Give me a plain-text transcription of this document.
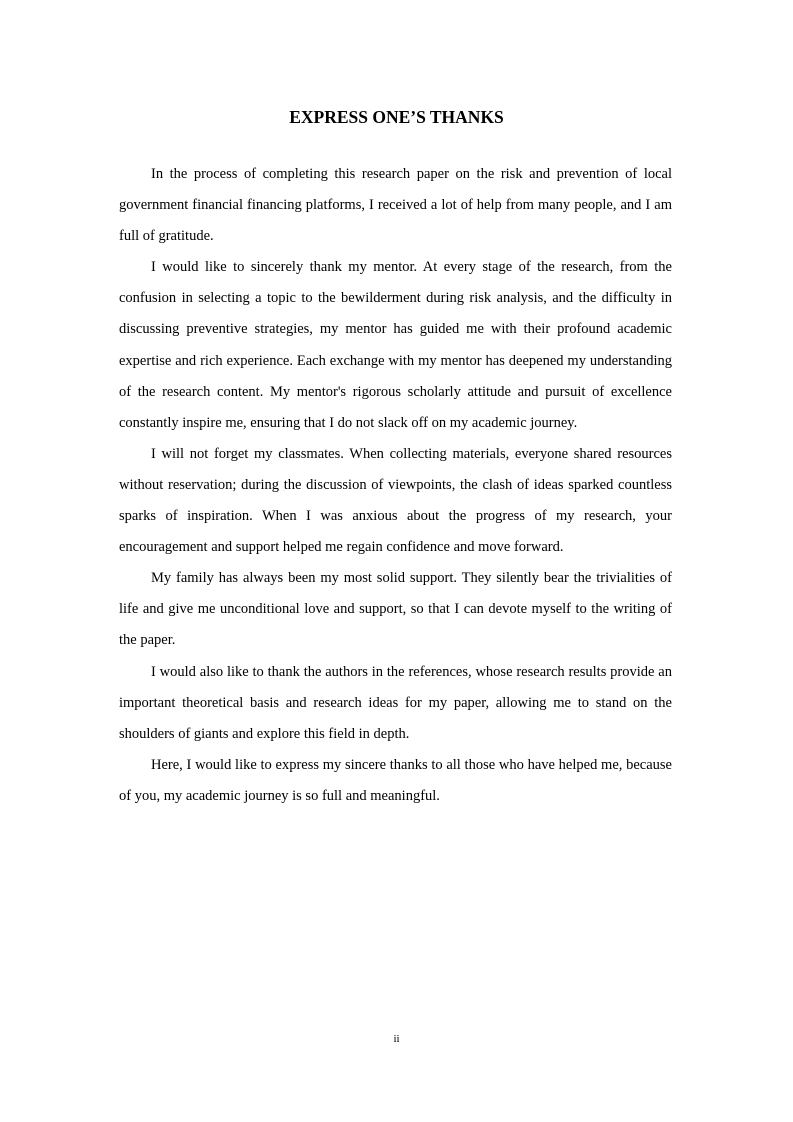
EXPRESS ONE’S THANKS

In the process of completing this research paper on the risk and prevention of local government financial financing platforms, I received a lot of help from many people, and I am full of gratitude.

I would like to sincerely thank my mentor. At every stage of the research, from the confusion in selecting a topic to the bewilderment during risk analysis, and the difficulty in discussing preventive strategies, my mentor has guided me with their profound academic expertise and rich experience. Each exchange with my mentor has deepened my understanding of the research content. My mentor's rigorous scholarly attitude and pursuit of excellence constantly inspire me, ensuring that I do not slack off on my academic journey.

I will not forget my classmates. When collecting materials, everyone shared resources without reservation; during the discussion of viewpoints, the clash of ideas sparked countless sparks of inspiration. When I was anxious about the progress of my research, your encouragement and support helped me regain confidence and move forward.

My family has always been my most solid support. They silently bear the trivialities of life and give me unconditional love and support, so that I can devote myself to the writing of the paper.

I would also like to thank the authors in the references, whose research results provide an important theoretical basis and research ideas for my paper, allowing me to stand on the shoulders of giants and explore this field in depth.

Here, I would like to express my sincere thanks to all those who have helped me, because of you, my academic journey is so full and meaningful.

ii
